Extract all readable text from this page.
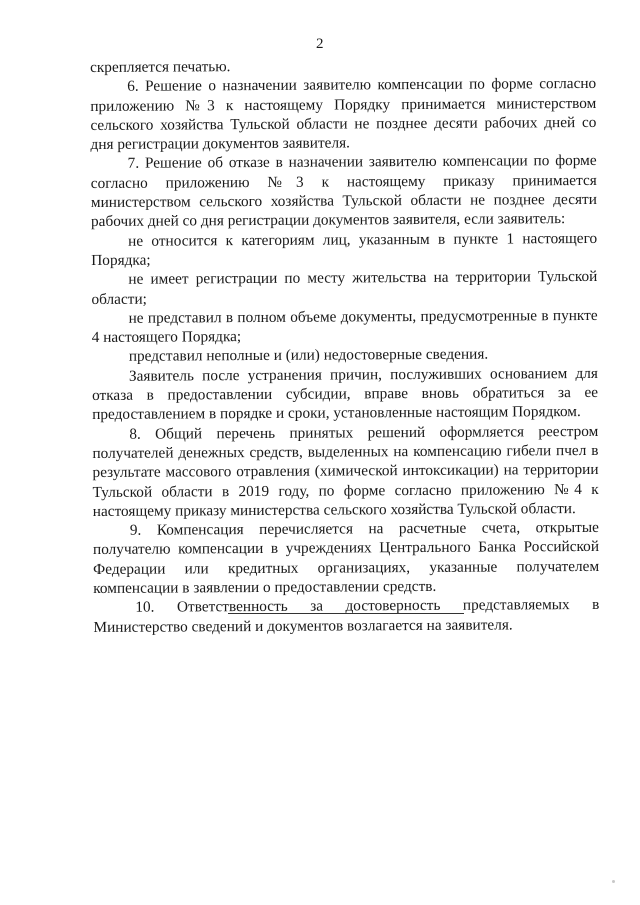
2

скрепляется печатью.

6. Решение о назначении заявителю компенсации по форме согласно приложению №3 к настоящему Порядку принимается министерством сельского хозяйства Тульской области не позднее десяти рабочих дней со дня регистрации документов заявителя.

7. Решение об отказе в назначении заявителю компенсации по форме согласно приложению №3 к настоящему приказу принимается министерством сельского хозяйства Тульской области не позднее десяти рабочих дней со дня регистрации документов заявителя, если заявитель:

не относится к категориям лиц, указанным в пункте 1 настоящего Порядка;

не имеет регистрации по месту жительства на территории Тульской области;

не представил в полном объеме документы, предусмотренные в пункте 4 настоящего Порядка;

представил неполные и (или) недостоверные сведения.

Заявитель после устранения причин, послуживших основанием для отказа в предоставлении субсидии, вправе вновь обратиться за ее предоставлением в порядке и сроки, установленные настоящим Порядком.

8. Общий перечень принятых решений оформляется реестром получателей денежных средств, выделенных на компенсацию гибели пчел в результате массового отравления (химической интоксикации) на территории Тульской области в 2019 году, по форме согласно приложению №4 к настоящему приказу министерства сельского хозяйства Тульской области.

9. Компенсация перечисляется на расчетные счета, открытые получателю компенсации в учреждениях Центрального Банка Российской Федерации или кредитных организациях, указанные получателем компенсации в заявлении о предоставлении средств.

10. Ответственность за достоверность представляемых в Министерство сведений и документов возлагается на заявителя.
